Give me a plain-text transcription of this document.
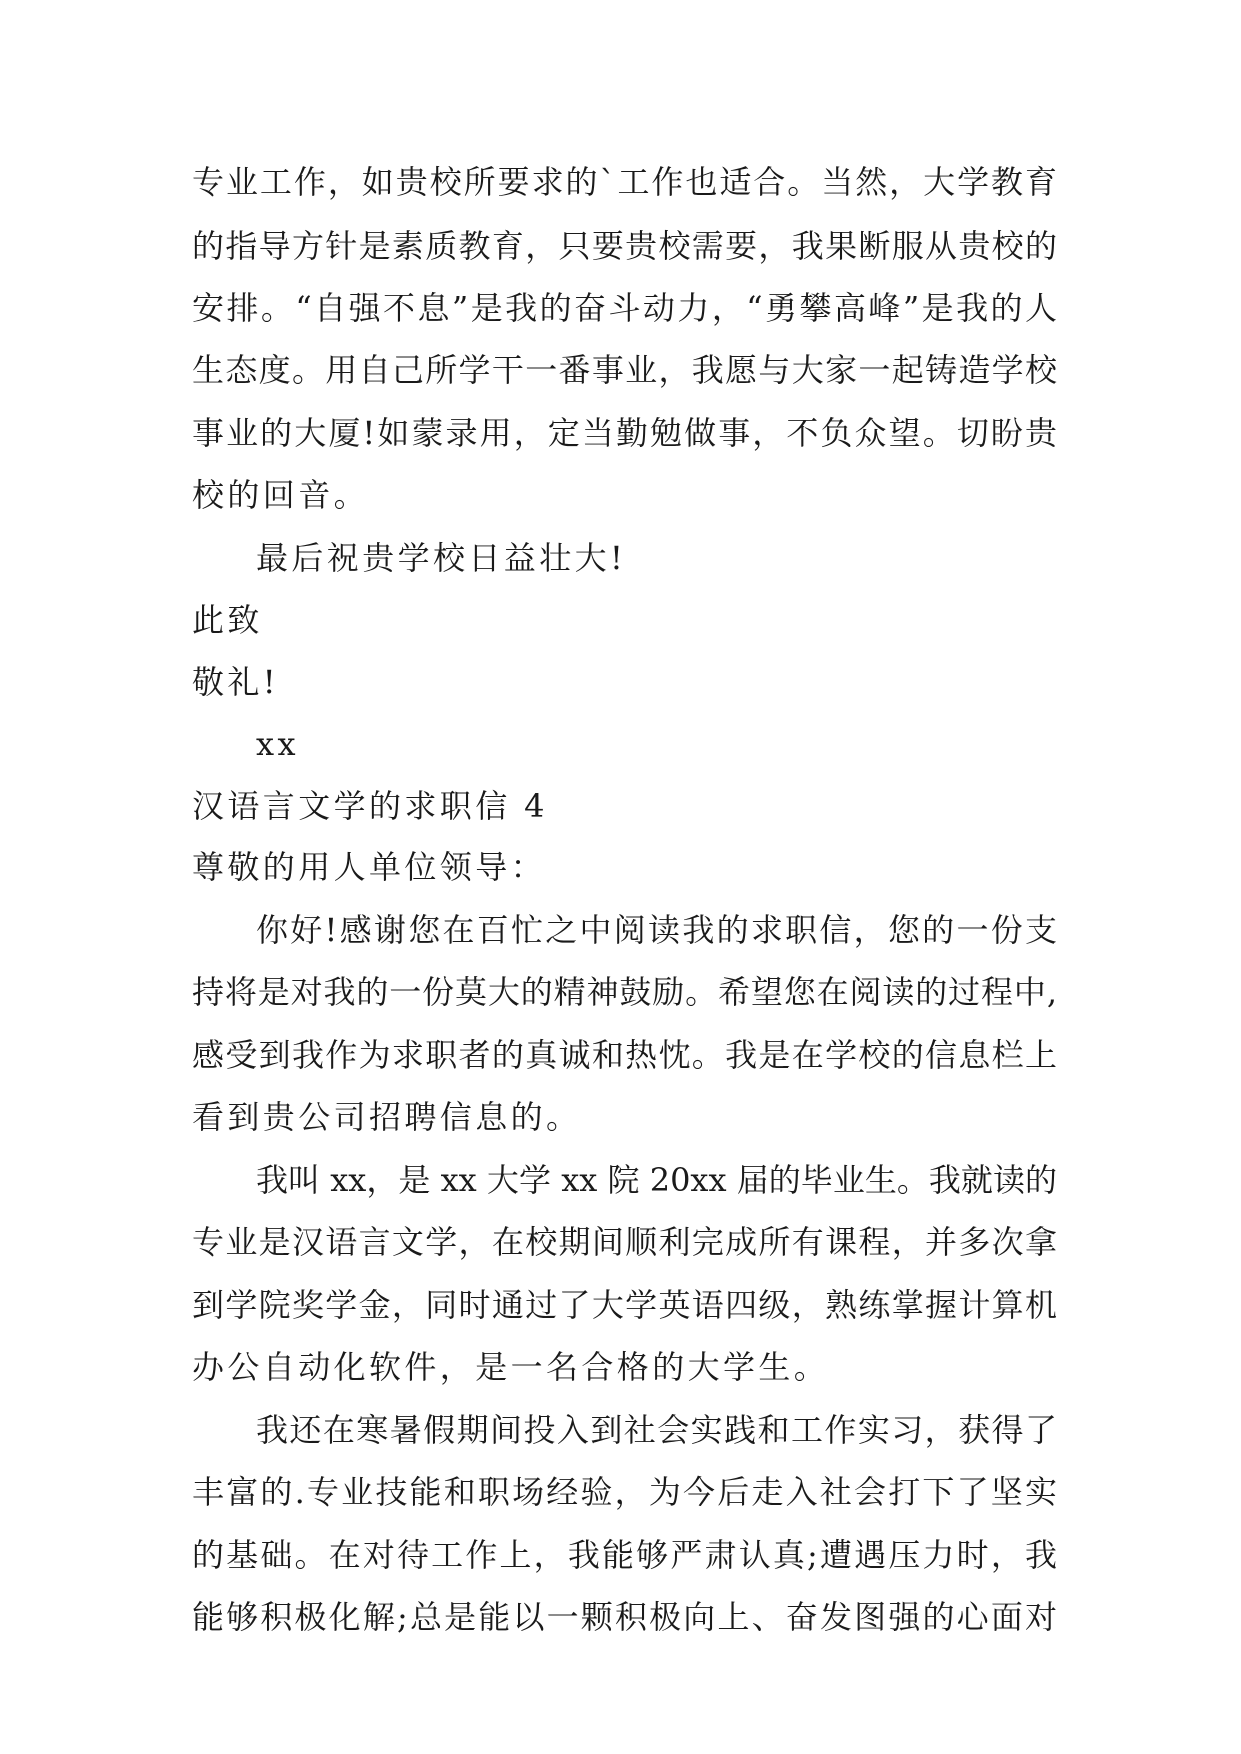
专业工作，如贵校所要求的`工作也适合。当然，大学教育
的指导方针是素质教育，只要贵校需要，我果断服从贵校的
安排。“自强不息”是我的奋斗动力，“勇攀高峰”是我的人
生态度。用自己所学干一番事业，我愿与大家一起铸造学校
事业的大厦!如蒙录用，定当勤勉做事，不负众望。切盼贵
校的回音。
最后祝贵学校日益壮大!
此致
敬礼!
xx
汉语言文学的求职信 4
尊敬的用人单位领导：
你好!感谢您在百忙之中阅读我的求职信，您的一份支
持将是对我的一份莫大的精神鼓励。希望您在阅读的过程中,
感受到我作为求职者的真诚和热忱。我是在学校的信息栏上
看到贵公司招聘信息的。
我叫 xx，是 xx 大学 xx 院 20xx 届的毕业生。我就读的
专业是汉语言文学，在校期间顺利完成所有课程，并多次拿
到学院奖学金，同时通过了大学英语四级，熟练掌握计算机
办公自动化软件，是一名合格的大学生。
我还在寒暑假期间投入到社会实践和工作实习，获得了
丰富的.专业技能和职场经验，为今后走入社会打下了坚实
的基础。在对待工作上，我能够严肃认真;遭遇压力时，我
能够积极化解;总是能以一颗积极向上、奋发图强的心面对
